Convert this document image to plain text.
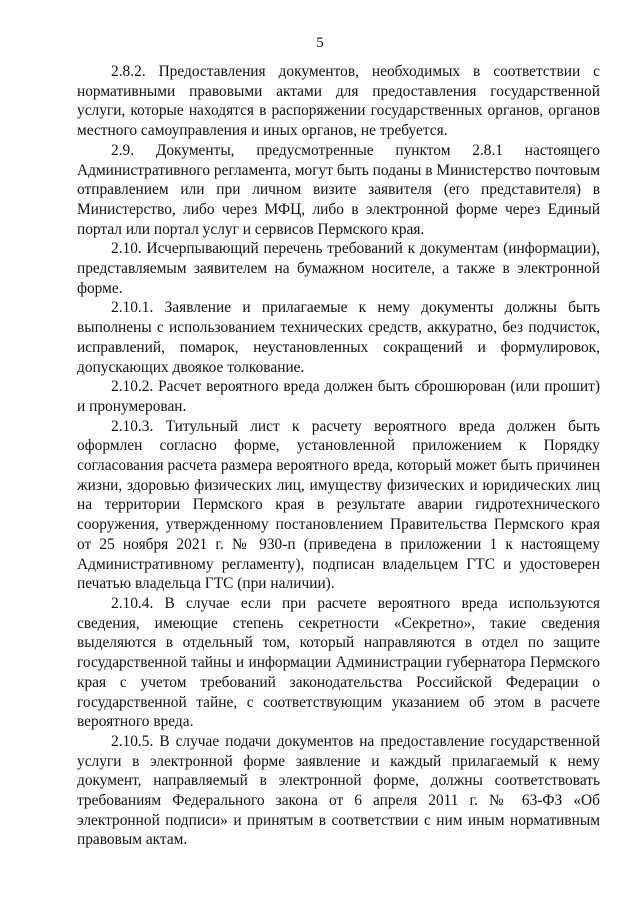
5

2.8.2. Предоставления документов, необходимых в соответствии с нормативными правовыми актами для предоставления государственной услуги, которые находятся в распоряжении государственных органов, органов местного самоуправления и иных органов, не требуется.

2.9. Документы, предусмотренные пунктом 2.8.1 настоящего Административного регламента, могут быть поданы в Министерство почтовым отправлением или при личном визите заявителя (его представителя) в Министерство, либо через МФЦ, либо в электронной форме через Единый портал или портал услуг и сервисов Пермского края.

2.10. Исчерпывающий перечень требований к документам (информации), представляемым заявителем на бумажном носителе, а также в электронной форме.

2.10.1. Заявление и прилагаемые к нему документы должны быть выполнены с использованием технических средств, аккуратно, без подчисток, исправлений, помарок, неустановленных сокращений и формулировок, допускающих двоякое толкование.

2.10.2. Расчет вероятного вреда должен быть сброшюрован (или прошит) и пронумерован.

2.10.3. Титульный лист к расчету вероятного вреда должен быть оформлен согласно форме, установленной приложением к Порядку согласования расчета размера вероятного вреда, который может быть причинен жизни, здоровью физических лиц, имуществу физических и юридических лиц на территории Пермского края в результате аварии гидротехнического сооружения, утвержденному постановлением Правительства Пермского края от 25 ноября 2021 г. № 930-п (приведена в приложении 1 к настоящему Административному регламенту), подписан владельцем ГТС и удостоверен печатью владельца ГТС (при наличии).

2.10.4. В случае если при расчете вероятного вреда используются сведения, имеющие степень секретности «Секретно», такие сведения выделяются в отдельный том, который направляются в отдел по защите государственной тайны и информации Администрации губернатора Пермского края с учетом требований законодательства Российской Федерации о государственной тайне, с соответствующим указанием об этом в расчете вероятного вреда.

2.10.5. В случае подачи документов на предоставление государственной услуги в электронной форме заявление и каждый прилагаемый к нему документ, направляемый в электронной форме, должны соответствовать требованиям Федерального закона от 6 апреля 2011 г. № 63-ФЗ «Об электронной подписи» и принятым в соответствии с ним иным нормативным правовым актам.
